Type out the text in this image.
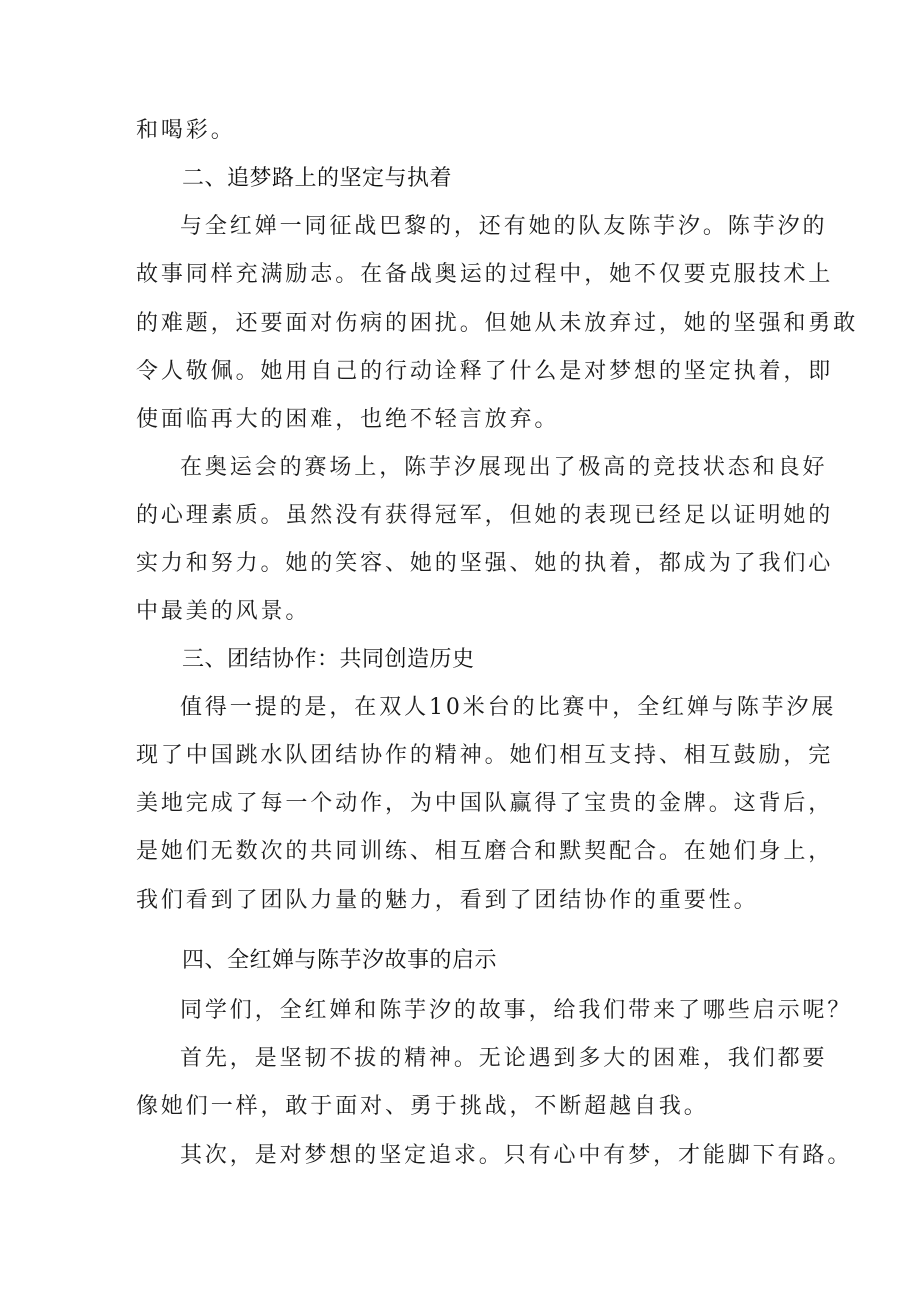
和喝彩。
二、追梦路上的坚定与执着
与全红婵一同征战巴黎的，还有她的队友陈芋汐。陈芋汐的
故事同样充满励志。在备战奥运的过程中，她不仅要克服技术上
的难题，还要面对伤病的困扰。但她从未放弃过，她的坚强和勇敢
令人敬佩。她用自己的行动诠释了什么是对梦想的坚定执着，即
使面临再大的困难，也绝不轻言放弃。
在奥运会的赛场上，陈芋汐展现出了极高的竞技状态和良好
的心理素质。虽然没有获得冠军，但她的表现已经足以证明她的
实力和努力。她的笑容、她的坚强、她的执着，都成为了我们心
中最美的风景。
三、团结协作：共同创造历史
值得一提的是，在双人10米台的比赛中，全红婵与陈芋汐展
现了中国跳水队团结协作的精神。她们相互支持、相互鼓励，完
美地完成了每一个动作，为中国队赢得了宝贵的金牌。这背后，
是她们无数次的共同训练、相互磨合和默契配合。在她们身上，
我们看到了团队力量的魅力，看到了团结协作的重要性。
四、全红婵与陈芋汐故事的启示
同学们，全红婵和陈芋汐的故事，给我们带来了哪些启示呢？
首先，是坚韧不拔的精神。无论遇到多大的困难，我们都要
像她们一样，敢于面对、勇于挑战，不断超越自我。
其次，是对梦想的坚定追求。只有心中有梦，才能脚下有路。
